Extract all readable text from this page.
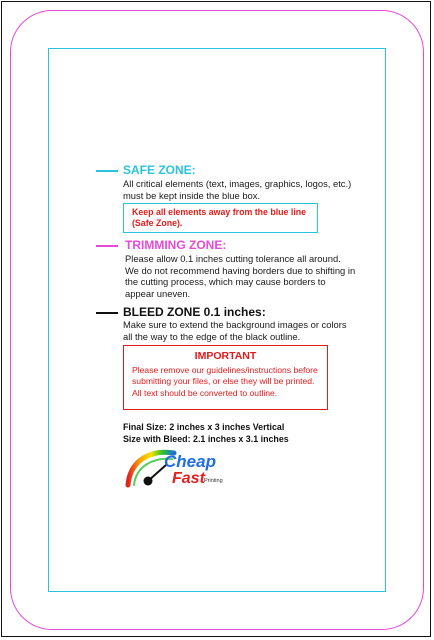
SAFE ZONE:
All critical elements (text, images, graphics, logos, etc.)
must be kept inside the blue box.
Keep all elements away from the blue line
(Safe Zone).
TRIMMING ZONE:
Please allow 0.1 inches cutting tolerance all around.
We do not recommend having borders due to shifting in
the cutting process, which may cause borders to
appear uneven.
BLEED ZONE 0.1 inches:
Make sure to extend the background images or colors
all the way to the edge of the black outline.
IMPORTANT
Please remove our guidelines/instructions before
submitting your files, or else they will be printed.
All text should be converted to outline.
Final Size: 2 inches x 3 inches Vertical
Size with Bleed: 2.1 inches x 3.1 inches
Cheap
Fast Printing
